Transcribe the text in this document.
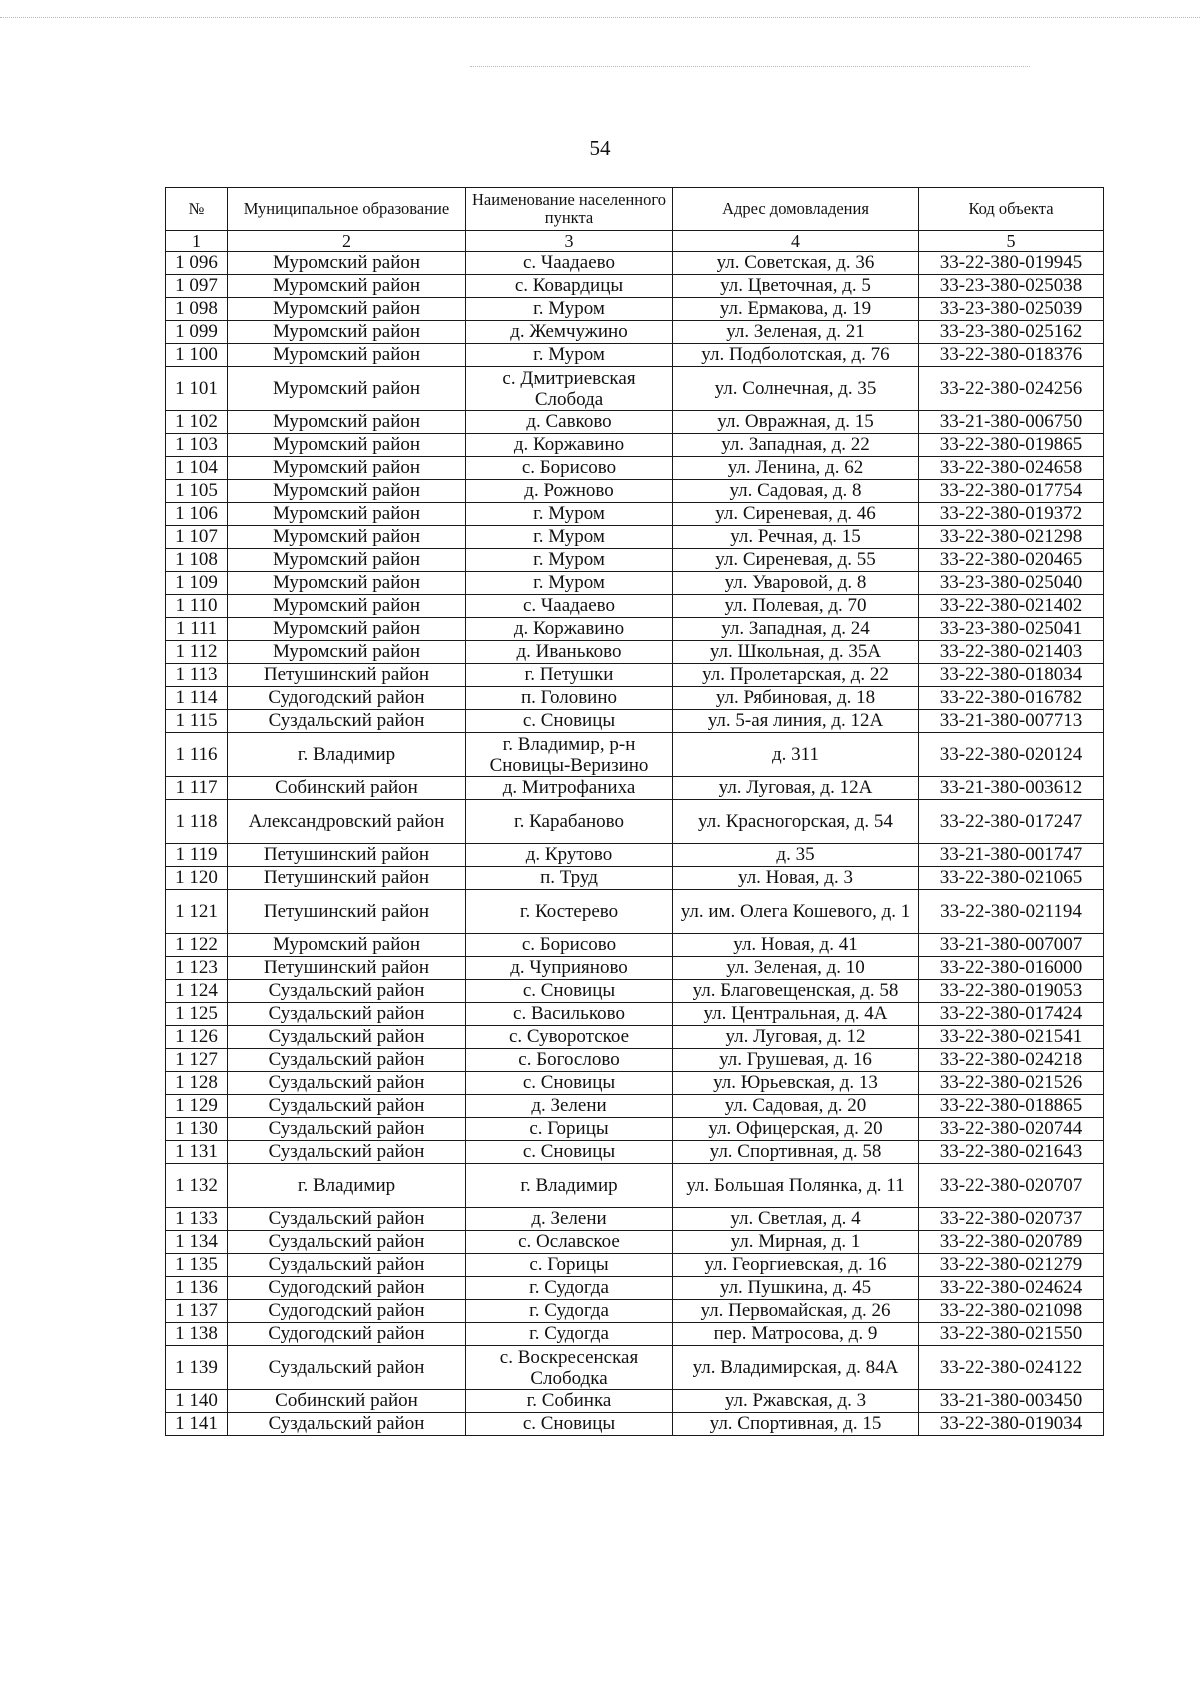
54
№	Муниципальное образование	Наименование населенного пункта	Адрес домовладения	Код объекта
1	2	3	4	5
1 096	Муромский район	с. Чаадаево	ул. Советская, д. 36	33-22-380-019945
1 097	Муромский район	с. Ковардицы	ул. Цветочная, д. 5	33-23-380-025038
1 098	Муромский район	г. Муром	ул. Ермакова, д. 19	33-23-380-025039
1 099	Муромский район	д. Жемчужино	ул. Зеленая, д. 21	33-23-380-025162
1 100	Муромский район	г. Муром	ул. Подболотская, д. 76	33-22-380-018376
1 101	Муромский район	с. Дмитриевская Слобода	ул. Солнечная, д. 35	33-22-380-024256
1 102	Муромский район	д. Савково	ул. Овражная, д. 15	33-21-380-006750
1 103	Муромский район	д. Коржавино	ул. Западная, д. 22	33-22-380-019865
1 104	Муромский район	с. Борисово	ул. Ленина, д. 62	33-22-380-024658
1 105	Муромский район	д. Рожново	ул. Садовая, д. 8	33-22-380-017754
1 106	Муромский район	г. Муром	ул. Сиреневая, д. 46	33-22-380-019372
1 107	Муромский район	г. Муром	ул. Речная, д. 15	33-22-380-021298
1 108	Муромский район	г. Муром	ул. Сиреневая, д. 55	33-22-380-020465
1 109	Муромский район	г. Муром	ул. Уваровой, д. 8	33-23-380-025040
1 110	Муромский район	с. Чаадаево	ул. Полевая, д. 70	33-22-380-021402
1 111	Муромский район	д. Коржавино	ул. Западная, д. 24	33-23-380-025041
1 112	Муромский район	д. Иваньково	ул. Школьная, д. 35А	33-22-380-021403
1 113	Петушинский район	г. Петушки	ул. Пролетарская, д. 22	33-22-380-018034
1 114	Судогодский район	п. Головино	ул. Рябиновая, д. 18	33-22-380-016782
1 115	Суздальский район	с. Сновицы	ул. 5-ая линия, д. 12А	33-21-380-007713
1 116	г. Владимир	г. Владимир, р-н Сновицы-Веризино	д. 311	33-22-380-020124
1 117	Собинский район	д. Митрофаниха	ул. Луговая, д. 12А	33-21-380-003612
1 118	Александровский район	г. Карабаново	ул. Красногорская, д. 54	33-22-380-017247
1 119	Петушинский район	д. Крутово	д. 35	33-21-380-001747
1 120	Петушинский район	п. Труд	ул. Новая, д. 3	33-22-380-021065
1 121	Петушинский район	г. Костерево	ул. им. Олега Кошевого, д. 1	33-22-380-021194
1 122	Муромский район	с. Борисово	ул. Новая, д. 41	33-21-380-007007
1 123	Петушинский район	д. Чуприяново	ул. Зеленая, д. 10	33-22-380-016000
1 124	Суздальский район	с. Сновицы	ул. Благовещенская, д. 58	33-22-380-019053
1 125	Суздальский район	с. Васильково	ул. Центральная, д. 4А	33-22-380-017424
1 126	Суздальский район	с. Суворотское	ул. Луговая, д. 12	33-22-380-021541
1 127	Суздальский район	с. Богослово	ул. Грушевая, д. 16	33-22-380-024218
1 128	Суздальский район	с. Сновицы	ул. Юрьевская, д. 13	33-22-380-021526
1 129	Суздальский район	д. Зелени	ул. Садовая, д. 20	33-22-380-018865
1 130	Суздальский район	с. Горицы	ул. Офицерская, д. 20	33-22-380-020744
1 131	Суздальский район	с. Сновицы	ул. Спортивная, д. 58	33-22-380-021643
1 132	г. Владимир	г. Владимир	ул. Большая Полянка, д. 11	33-22-380-020707
1 133	Суздальский район	д. Зелени	ул. Светлая, д. 4	33-22-380-020737
1 134	Суздальский район	с. Ославское	ул. Мирная, д. 1	33-22-380-020789
1 135	Суздальский район	с. Горицы	ул. Георгиевская, д. 16	33-22-380-021279
1 136	Судогодский район	г. Судогда	ул. Пушкина, д. 45	33-22-380-024624
1 137	Судогодский район	г. Судогда	ул. Первомайская, д. 26	33-22-380-021098
1 138	Судогодский район	г. Судогда	пер. Матросова, д. 9	33-22-380-021550
1 139	Суздальский район	с. Воскресенская Слободка	ул. Владимирская, д. 84А	33-22-380-024122
1 140	Собинский район	г. Собинка	ул. Ржавская, д. 3	33-21-380-003450
1 141	Суздальский район	с. Сновицы	ул. Спортивная, д. 15	33-22-380-019034
